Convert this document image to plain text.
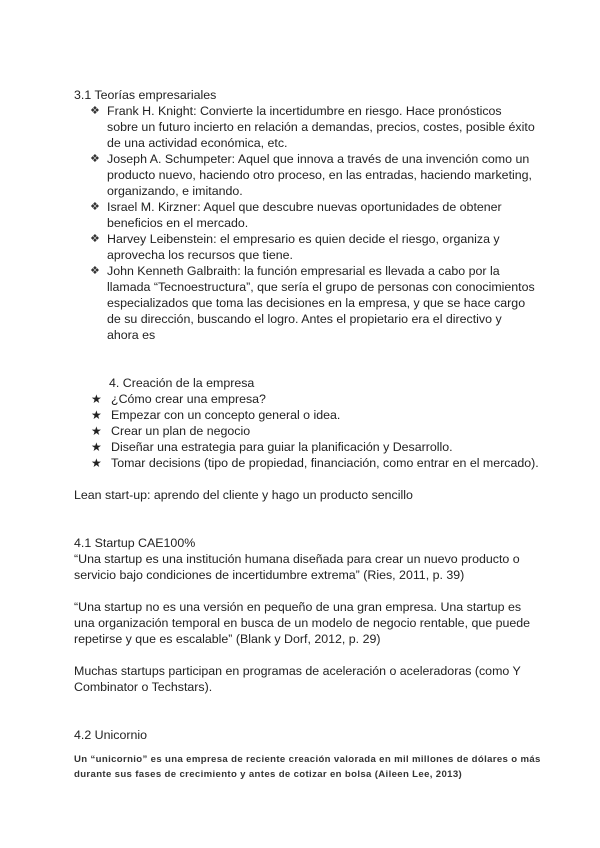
3.1 Teorías empresariales

❖ Frank H. Knight: Convierte la incertidumbre en riesgo. Hace pronósticos

sobre un futuro incierto en relación a demandas, precios, costes, posible éxito

de una actividad económica, etc.

❖ Joseph A. Schumpeter: Aquel que innova a través de una invención como un

producto nuevo, haciendo otro proceso, en las entradas, haciendo marketing,

organizando, e imitando.

❖ Israel M. Kirzner: Aquel que descubre nuevas oportunidades de obtener

beneficios en el mercado.

❖ Harvey Leibenstein: el empresario es quien decide el riesgo, organiza y

aprovecha los recursos que tiene.

❖ John Kenneth Galbraith: la función empresarial es llevada a cabo por la

llamada “Tecnoestructura”, que sería el grupo de personas con conocimientos

especializados que toma las decisiones en la empresa, y que se hace cargo

de su dirección, buscando el logro. Antes el propietario era el directivo y

ahora es

4. Creación de la empresa

★ ¿Cómo crear una empresa?

★ Empezar con un concepto general o idea.

★ Crear un plan de negocio

★ Diseñar una estrategia para guiar la planificación y Desarrollo.

★ Tomar decisions (tipo de propiedad, financiación, como entrar en el mercado).

Lean start-up: aprendo del cliente y hago un producto sencillo

4.1 Startup CAE100%

“Una startup es una institución humana diseñada para crear un nuevo producto o

servicio bajo condiciones de incertidumbre extrema” (Ries, 2011, p. 39)

“Una startup no es una versión en pequeño de una gran empresa. Una startup es

una organización temporal en busca de un modelo de negocio rentable, que puede

repetirse y que es escalable” (Blank y Dorf, 2012, p. 29)

Muchas startups participan en programas de aceleración o aceleradoras (como Y

Combinator o Techstars).

4.2 Unicornio

Un “unicornio” es una empresa de reciente creación valorada en mil millones de dólares o más

durante sus fases de crecimiento y antes de cotizar en bolsa (Aileen Lee, 2013)
